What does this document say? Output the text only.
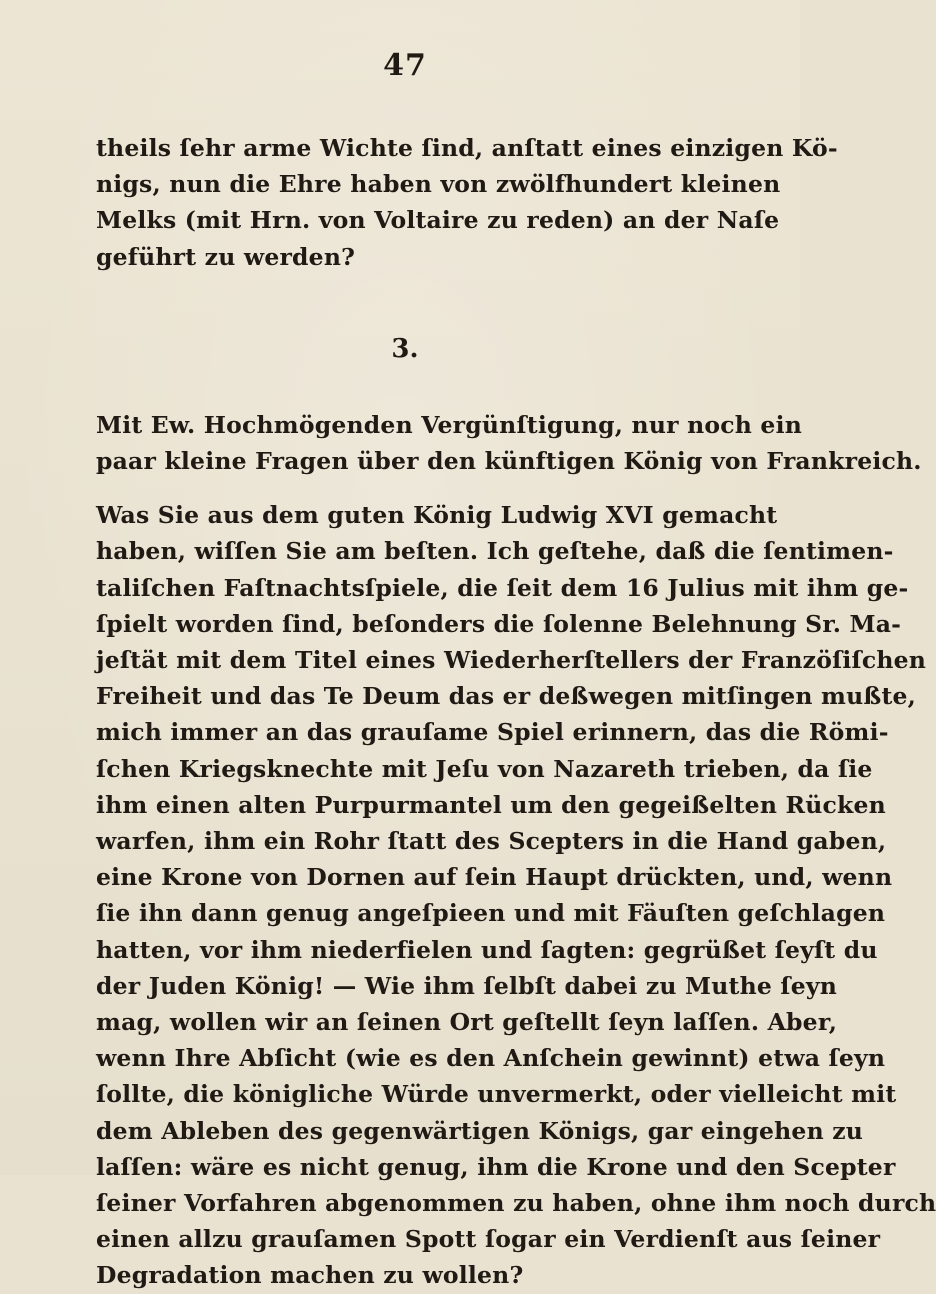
47
theils ſehr arme Wichte ſind, anſtatt eines einzigen Kö-
nigs, nun die Ehre haben von zwölfhundert kleinen
Melks (mit Hrn. von Voltaire zu reden) an der Naſe
geführt zu werden?
3.
Mit Ew. Hochmögenden Vergünſtigung, nur noch ein
paar kleine Fragen über den künftigen König von Frankreich.
Was Sie aus dem guten König Ludwig XVI gemacht
haben, wiſſen Sie am beſten. Ich geſtehe, daß die ſentimen-
taliſchen Faſtnachtsſpiele, die ſeit dem 16 Julius mit ihm ge-
ſpielt worden ſind, beſonders die ſolenne Belehnung Sr. Ma-
jeſtät mit dem Titel eines Wiederherſtellers der Franzöſiſchen
Freiheit und das Te Deum das er deßwegen mitſingen mußte,
mich immer an das grauſame Spiel erinnern, das die Römi-
ſchen Kriegsknechte mit Jeſu von Nazareth trieben, da ſie
ihm einen alten Purpurmantel um den gegeißelten Rücken
warfen, ihm ein Rohr ſtatt des Scepters in die Hand gaben,
eine Krone von Dornen auf ſein Haupt drückten, und, wenn
ſie ihn dann genug angeſpieen und mit Fäuſten geſchlagen
hatten, vor ihm niederfielen und ſagten: gegrüßet ſeyſt du
der Juden König! — Wie ihm ſelbſt dabei zu Muthe ſeyn
mag, wollen wir an ſeinen Ort geſtellt ſeyn laſſen. Aber,
wenn Ihre Abſicht (wie es den Anſchein gewinnt) etwa ſeyn
ſollte, die königliche Würde unvermerkt, oder vielleicht mit
dem Ableben des gegenwärtigen Königs, gar eingehen zu
laſſen: wäre es nicht genug, ihm die Krone und den Scepter
ſeiner Vorfahren abgenommen zu haben, ohne ihm noch durch
einen allzu grauſamen Spott ſogar ein Verdienſt aus ſeiner
Degradation machen zu wollen?
